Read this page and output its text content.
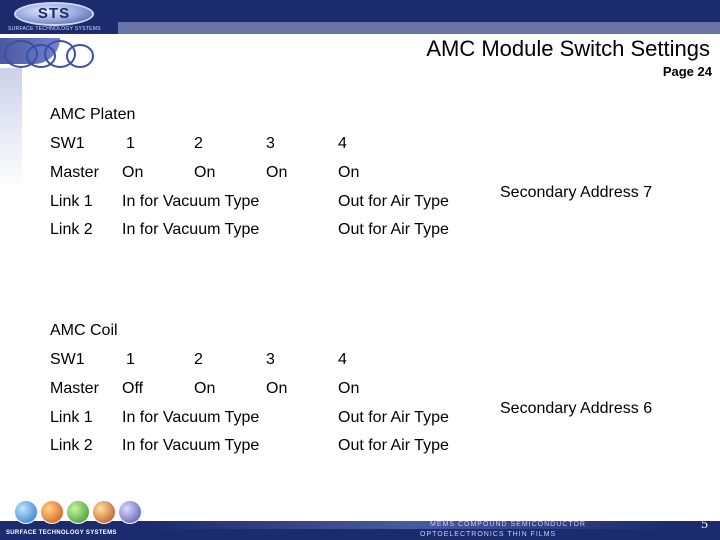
STS
SURFACE TECHNOLOGY SYSTEMS
AMC Module Switch Settings
Page 24
AMC Platen
SW1	1	2	3	4
Master On	On	On	On
Link 1 In for Vacuum Type	Out for Air Type
Secondary Address 7
Link 2 In for Vacuum Type	Out for Air Type
AMC Coil
SW1	1	2	3	4
Master Off	On	On	On
Link 1 In for Vacuum Type	Out for Air Type
Secondary Address 6
Link 2 In for Vacuum Type	Out for Air Type
SURFACE TECHNOLOGY SYSTEMS
MEMS COMPOUND SEMICONDUCTOR
OPTOELECTRONICS THIN FILMS
5
